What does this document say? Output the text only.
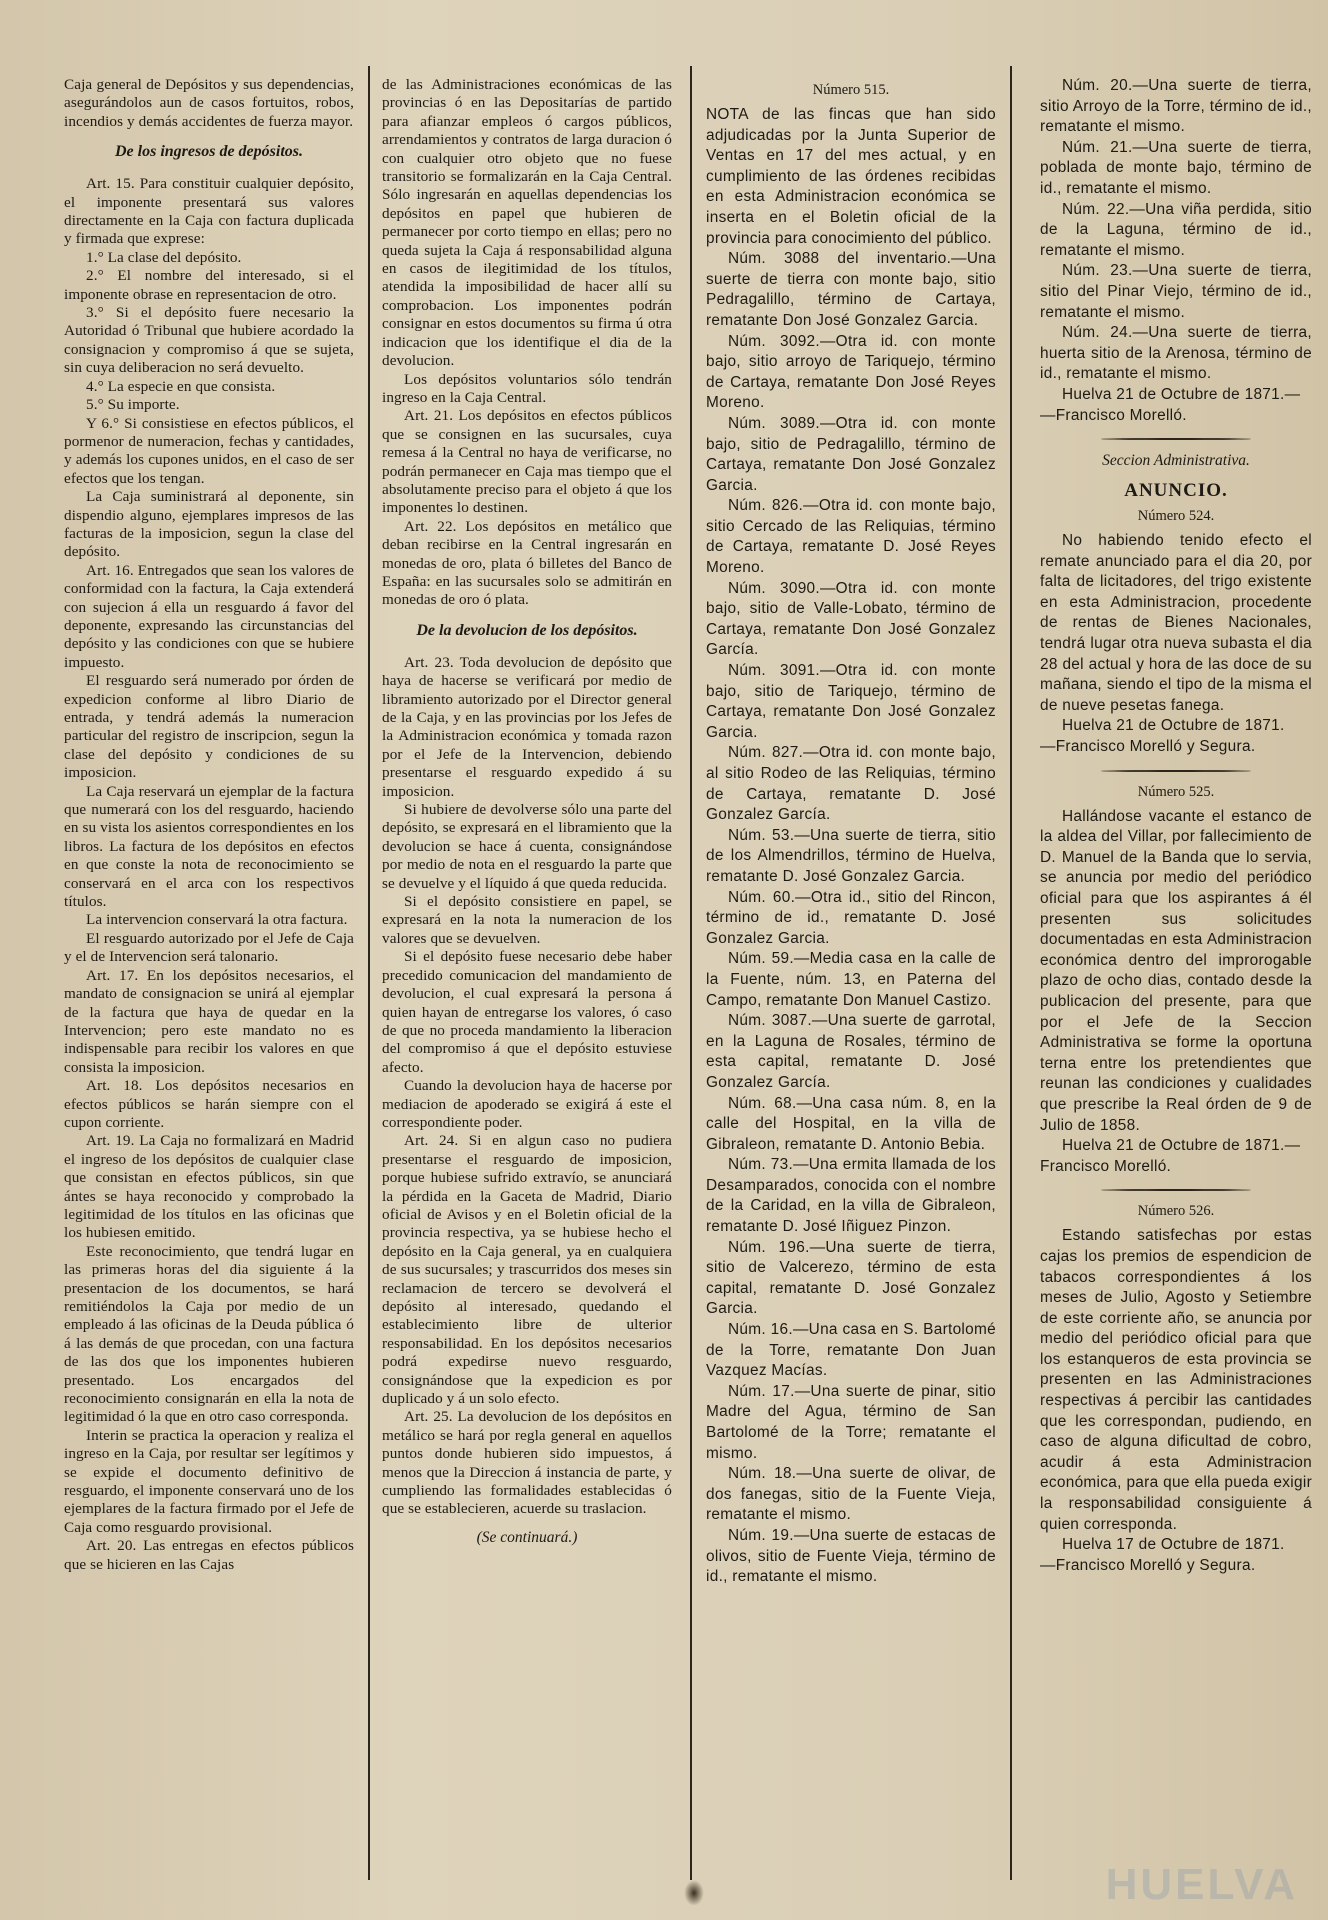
Caja general de Depósitos y sus dependencias, asegurándolos aun de casos fortuitos, robos, incendios y demás accidentes de fuerza mayor.

De los ingresos de depósitos.

Art. 15. Para constituir cualquier depósito, el imponente presentará sus valores directamente en la Caja con factura duplicada y firmada que exprese:

1.° La clase del depósito.

2.° El nombre del interesado, si el imponente obrase en representacion de otro.

3.° Si el depósito fuere necesario la Autoridad ó Tribunal que hubiere acordado la consignacion y compromiso á que se sujeta, sin cuya deliberacion no será devuelto.

4.° La especie en que consista.

5.° Su importe.

Y 6.° Si consistiese en efectos públicos, el pormenor de numeracion, fechas y cantidades, y además los cupones unidos, en el caso de ser efectos que los tengan.

La Caja suministrará al deponente, sin dispendio alguno, ejemplares impresos de las facturas de la imposicion, segun la clase del depósito.

Art. 16. Entregados que sean los valores de conformidad con la factura, la Caja extenderá con sujecion á ella un resguardo á favor del deponente, expresando las circunstancias del depósito y las condiciones con que se hubiere impuesto.

El resguardo será numerado por órden de expedicion conforme al libro Diario de entrada, y tendrá además la numeracion particular del registro de inscripcion, segun la clase del depósito y condiciones de su imposicion.

La Caja reservará un ejemplar de la factura que numerará con los del resguardo, haciendo en su vista los asientos correspondientes en los libros. La factura de los depósitos en efectos en que conste la nota de reconocimiento se conservará en el arca con los respectivos títulos.

La intervencion conservará la otra factura.

El resguardo autorizado por el Jefe de Caja y el de Intervencion será talonario.

Art. 17. En los depósitos necesarios, el mandato de consignacion se unirá al ejemplar de la factura que haya de quedar en la Intervencion; pero este mandato no es indispensable para recibir los valores en que consista la imposicion.

Art. 18. Los depósitos necesarios en efectos públicos se harán siempre con el cupon corriente.

Art. 19. La Caja no formalizará en Madrid el ingreso de los depósitos de cualquier clase que consistan en efectos públicos, sin que ántes se haya reconocido y comprobado la legitimidad de los títulos en las oficinas que los hubiesen emitido.

Este reconocimiento, que tendrá lugar en las primeras horas del dia siguiente á la presentacion de los documentos, se hará remitiéndolos la Caja por medio de un empleado á las oficinas de la Deuda pública ó á las demás de que procedan, con una factura de las dos que los imponentes hubieren presentado. Los encargados del reconocimiento consignarán en ella la nota de legitimidad ó la que en otro caso corresponda.

Interin se practica la operacion y realiza el ingreso en la Caja, por resultar ser legítimos y se expide el documento definitivo de resguardo, el imponente conservará uno de los ejemplares de la factura firmado por el Jefe de Caja como resguardo provisional.

Art. 20. Las entregas en efectos públicos que se hicieren en las Cajas

de las Administraciones económicas de las provincias ó en las Depositarías de partido para afianzar empleos ó cargos públicos, arrendamientos y contratos de larga duracion ó con cualquier otro objeto que no fuese transitorio se formalizarán en la Caja Central. Sólo ingresarán en aquellas dependencias los depósitos en papel que hubieren de permanecer por corto tiempo en ellas; pero no queda sujeta la Caja á responsabilidad alguna en casos de ilegitimidad de los títulos, atendida la imposibilidad de hacer allí su comprobacion. Los imponentes podrán consignar en estos documentos su firma ú otra indicacion que los identifique el dia de la devolucion.

Los depósitos voluntarios sólo tendrán ingreso en la Caja Central.

Art. 21. Los depósitos en efectos públicos que se consignen en las sucursales, cuya remesa á la Central no haya de verificarse, no podrán permanecer en Caja mas tiempo que el absolutamente preciso para el objeto á que los imponentes lo destinen.

Art. 22. Los depósitos en metálico que deban recibirse en la Central ingresarán en monedas de oro, plata ó billetes del Banco de España: en las sucursales solo se admitirán en monedas de oro ó plata.

De la devolucion de los depósitos.

Art. 23. Toda devolucion de depósito que haya de hacerse se verificará por medio de libramiento autorizado por el Director general de la Caja, y en las provincias por los Jefes de la Administracion económica y tomada razon por el Jefe de la Intervencion, debiendo presentarse el resguardo expedido á su imposicion.

Si hubiere de devolverse sólo una parte del depósito, se expresará en el libramiento que la devolucion se hace á cuenta, consignándose por medio de nota en el resguardo la parte que se devuelve y el líquido á que queda reducida.

Si el depósito consistiere en papel, se expresará en la nota la numeracion de los valores que se devuelven.

Si el depósito fuese necesario debe haber precedido comunicacion del mandamiento de devolucion, el cual expresará la persona á quien hayan de entregarse los valores, ó caso de que no proceda mandamiento la liberacion del compromiso á que el depósito estuviese afecto.

Cuando la devolucion haya de hacerse por mediacion de apoderado se exigirá á este el correspondiente poder.

Art. 24. Si en algun caso no pudiera presentarse el resguardo de imposicion, porque hubiese sufrido extravío, se anunciará la pérdida en la Gaceta de Madrid, Diario oficial de Avisos y en el Boletin oficial de la provincia respectiva, ya se hubiese hecho el depósito en la Caja general, ya en cualquiera de sus sucursales; y trascurridos dos meses sin reclamacion de tercero se devolverá el depósito al interesado, quedando el establecimiento libre de ulterior responsabilidad. En los depósitos necesarios podrá expedirse nuevo resguardo, consignándose que la expedicion es por duplicado y á un solo efecto.

Art. 25. La devolucion de los depósitos en metálico se hará por regla general en aquellos puntos donde hubieren sido impuestos, á menos que la Direccion á instancia de parte, y cumpliendo las formalidades establecidas ó que se establecieren, acuerde su traslacion.

(Se continuará.)
Número 515.

NOTA de las fincas que han sido adjudicadas por la Junta Superior de Ventas en 17 del mes actual, y en cumplimiento de las órdenes recibidas en esta Administracion económica se inserta en el Boletin oficial de la provincia para conocimiento del público.

Núm. 3088 del inventario.—Una suerte de tierra con monte bajo, sitio Pedragalillo, término de Cartaya, rematante Don José Gonzalez Garcia.

Núm. 3092.—Otra id. con monte bajo, sitio arroyo de Tariquejo, término de Cartaya, rematante Don José Reyes Moreno.

Núm. 3089.—Otra id. con monte bajo, sitio de Pedragalillo, término de Cartaya, rematante Don José Gonzalez Garcia.

Núm. 826.—Otra id. con monte bajo, sitio Cercado de las Reliquias, término de Cartaya, rematante D. José Reyes Moreno.

Núm. 3090.—Otra id. con monte bajo, sitio de Valle-Lobato, término de Cartaya, rematante Don José Gonzalez García.

Núm. 3091.—Otra id. con monte bajo, sitio de Tariquejo, término de Cartaya, rematante Don José Gonzalez Garcia.

Núm. 827.—Otra id. con monte bajo, al sitio Rodeo de las Reliquias, término de Cartaya, rematante D. José Gonzalez García.

Núm. 53.—Una suerte de tierra, sitio de los Almendrillos, término de Huelva, rematante D. José Gonzalez Garcia.

Núm. 60.—Otra id., sitio del Rincon, término de id., rematante D. José Gonzalez Garcia.

Núm. 59.—Media casa en la calle de la Fuente, núm. 13, en Paterna del Campo, rematante Don Manuel Castizo.

Núm. 3087.—Una suerte de garrotal, en la Laguna de Rosales, término de esta capital, rematante D. José Gonzalez García.

Núm. 68.—Una casa núm. 8, en la calle del Hospital, en la villa de Gibraleon, rematante D. Antonio Bebia.

Núm. 73.—Una ermita llamada de los Desamparados, conocida con el nombre de la Caridad, en la villa de Gibraleon, rematante D. José Iñiguez Pinzon.

Núm. 196.—Una suerte de tierra, sitio de Valcerezo, término de esta capital, rematante D. José Gonzalez Garcia.

Núm. 16.—Una casa en S. Bartolomé de la Torre, rematante Don Juan Vazquez Macías.

Núm. 17.—Una suerte de pinar, sitio Madre del Agua, término de San Bartolomé de la Torre; rematante el mismo.

Núm. 18.—Una suerte de olivar, de dos fanegas, sitio de la Fuente Vieja, rematante el mismo.

Núm. 19.—Una suerte de estacas de olivos, sitio de Fuente Vieja, término de id., rematante el mismo.

Núm. 20.—Una suerte de tierra, sitio Arroyo de la Torre, término de id., rematante el mismo.

Núm. 21.—Una suerte de tierra, poblada de monte bajo, término de id., rematante el mismo.

Núm. 22.—Una viña perdida, sitio de la Laguna, término de id., rematante el mismo.

Núm. 23.—Una suerte de tierra, sitio del Pinar Viejo, término de id., rematante el mismo.

Núm. 24.—Una suerte de tierra, huerta sitio de la Arenosa, término de id., rematante el mismo.

Huelva 21 de Octubre de 1871.—

—Francisco Morelló.

Seccion Administrativa.
ANUNCIO.
Número 524.

No habiendo tenido efecto el remate anunciado para el dia 20, por falta de licitadores, del trigo existente en esta Administracion, procedente de rentas de Bienes Nacionales, tendrá lugar otra nueva subasta el dia 28 del actual y hora de las doce de su mañana, siendo el tipo de la misma el de nueve pesetas fanega.

Huelva 21 de Octubre de 1871.

—Francisco Morelló y Segura.

Número 525.

Hallándose vacante el estanco de la aldea del Villar, por fallecimiento de D. Manuel de la Banda que lo servia, se anuncia por medio del periódico oficial para que los aspirantes á él presenten sus solicitudes documentadas en esta Administracion económica dentro del improrogable plazo de ocho dias, contado desde la publicacion del presente, para que por el Jefe de la Seccion Administrativa se forme la oportuna terna entre los pretendientes que reunan las condiciones y cualidades que prescribe la Real órden de 9 de Julio de 1858.

Huelva 21 de Octubre de 1871.—

Francisco Morelló.

Número 526.

Estando satisfechas por estas cajas los premios de espendicion de tabacos correspondientes á los meses de Julio, Agosto y Setiembre de este corriente año, se anuncia por medio del periódico oficial para que los estanqueros de esta provincia se presenten en las Administraciones respectivas á percibir las cantidades que les correspondan, pudiendo, en caso de alguna dificultad de cobro, acudir á esta Administracion económica, para que ella pueda exigir la responsabilidad consiguiente á quien corresponda.

Huelva 17 de Octubre de 1871.

—Francisco Morelló y Segura.

HUELVA
